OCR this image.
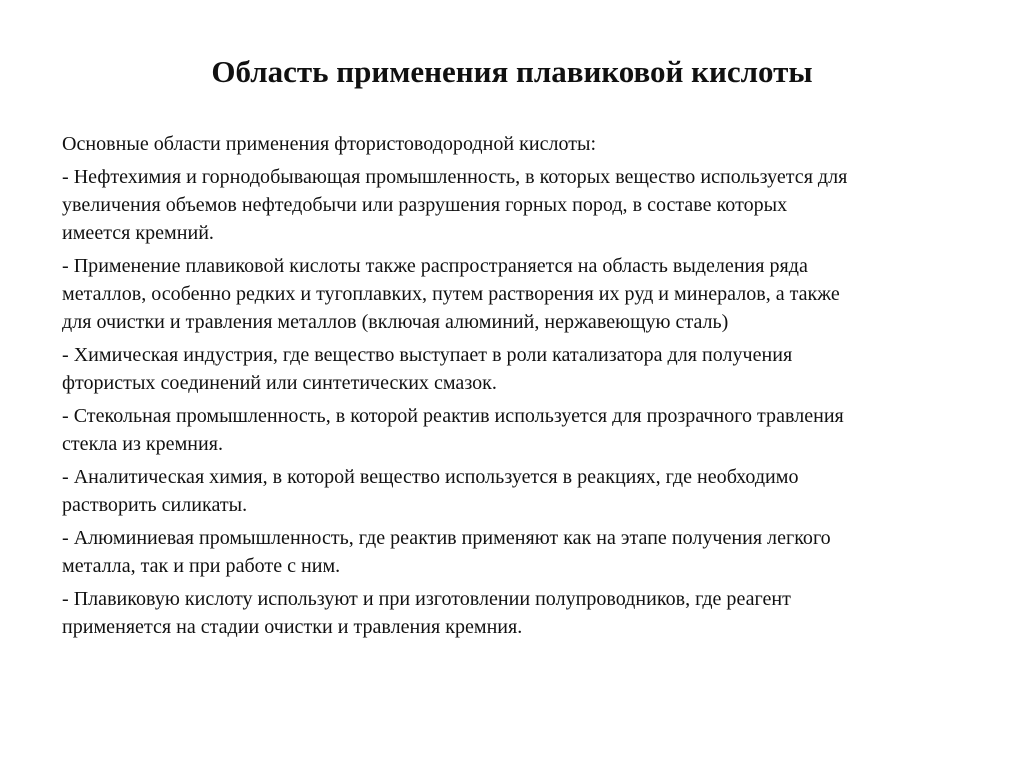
Область применения плавиковой кислоты
Основные области применения фтористоводородной кислоты:
- Нефтехимия и горнодобывающая промышленность, в которых вещество используется для
увеличения объемов нефтедобычи или разрушения горных пород, в составе которых
имеется кремний.
- Применение плавиковой кислоты также распространяется на область выделения ряда
металлов, особенно редких и тугоплавких, путем растворения их руд и минералов, а также
для очистки и травления металлов (включая алюминий, нержавеющую сталь)
- Химическая индустрия, где вещество выступает в роли катализатора для получения
фтористых соединений или синтетических смазок.
- Стекольная промышленность, в которой реактив используется для прозрачного травления
стекла из кремния.
- Аналитическая химия, в которой вещество используется в реакциях, где необходимо
растворить силикаты.
- Алюминиевая промышленность, где реактив применяют как на этапе получения легкого
металла, так и при работе с ним.
- Плавиковую кислоту используют и при изготовлении полупроводников, где реагент
применяется на стадии очистки и травления кремния.
